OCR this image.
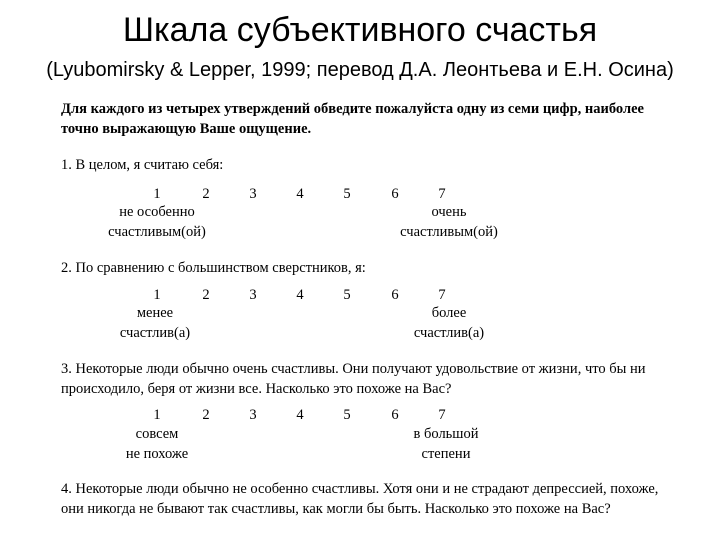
Шкала субъективного счастья
(Lyubomirsky & Lepper, 1999; перевод Д.А. Леонтьева и Е.Н. Осина)
Для каждого из четырех утверждений обведите пожалуйста одну из семи цифр, наиболее точно выражающую Ваше ощущение.
1. В целом, я считаю себя:
1	2	3	4	5	6	7
не особенно
счастливым(ой)
очень
счастливым(ой)
2. По сравнению с большинством сверстников, я:
1	2	3	4	5	6	7
менее
счастлив(а)
более
счастлив(а)
3. Некоторые люди обычно очень счастливы. Они получают удовольствие от жизни, что бы ни происходило, беря от жизни все. Насколько это похоже на Вас?
1	2	3	4	5	6	7
совсем
не похоже
в большой
степени
4. Некоторые люди обычно не особенно счастливы. Хотя они и не страдают депрессией, похоже, они никогда не бывают так счастливы, как могли бы быть. Насколько это похоже на Вас?
